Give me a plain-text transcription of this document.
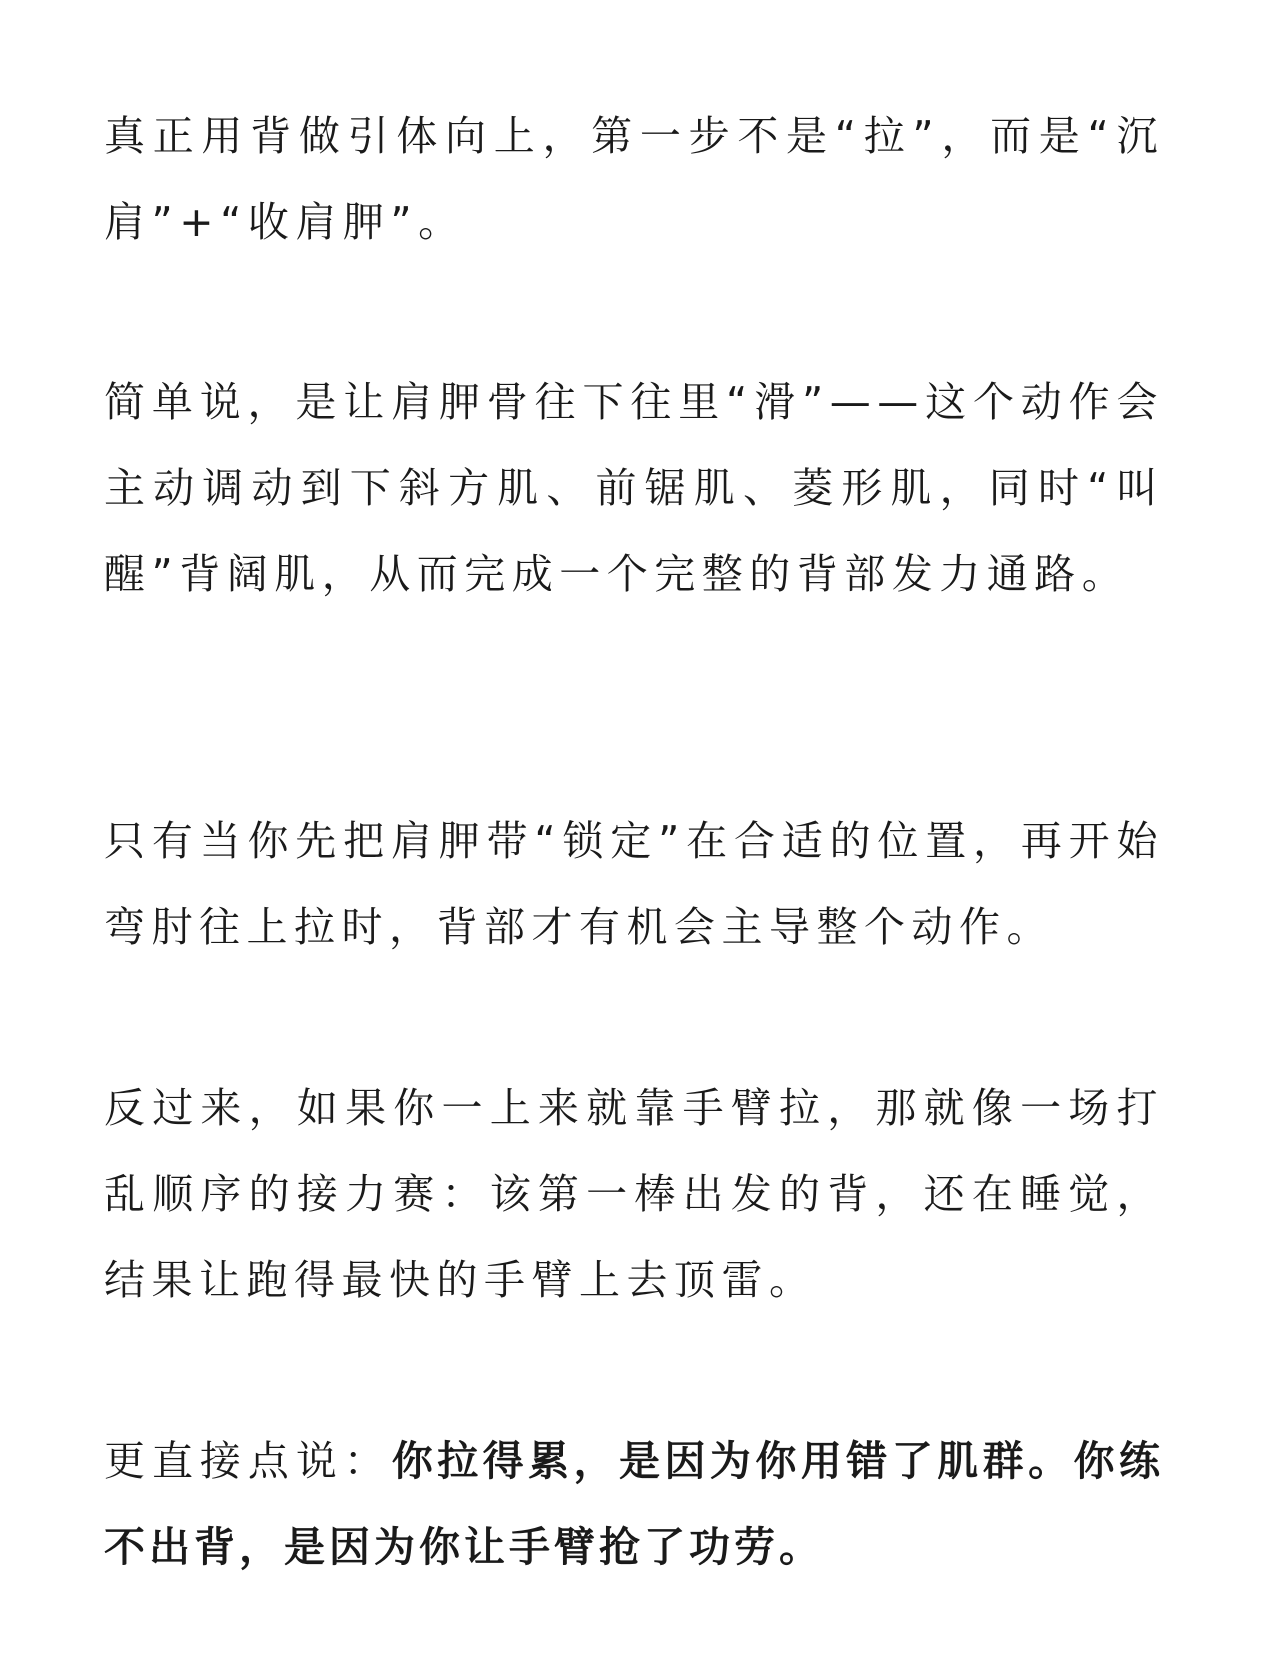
真正用背做引体向上，第一步不是“拉”，而是“沉肩”+“收肩胛”。

简单说，是让肩胛骨往下往里“滑”——这个动作会主动调动到下斜方肌、前锯肌、菱形肌，同时“叫醒”背阔肌，从而完成一个完整的背部发力通路。

只有当你先把肩胛带“锁定”在合适的位置，再开始弯肘往上拉时，背部才有机会主导整个动作。

反过来，如果你一上来就靠手臂拉，那就像一场打乱顺序的接力赛：该第一棒出发的背，还在睡觉，结果让跑得最快的手臂上去顶雷。

更直接点说：你拉得累，是因为你用错了肌群。你练不出背，是因为你让手臂抢了功劳。
